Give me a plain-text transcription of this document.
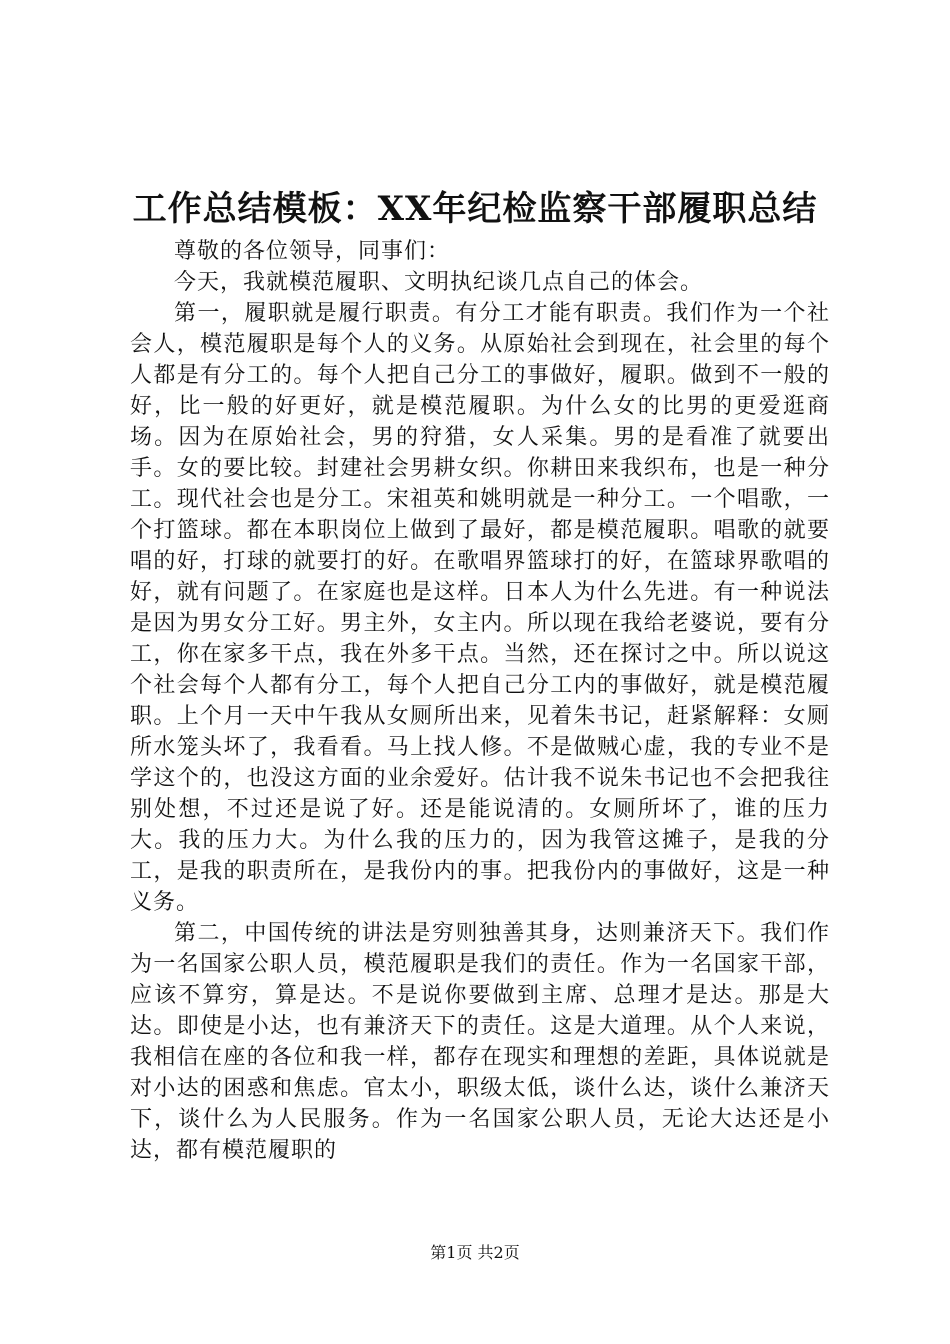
工作总结模板：XX年纪检监察干部履职总结

尊敬的各位领导，同事们：

今天，我就模范履职、文明执纪谈几点自己的体会。

第一，履职就是履行职责。有分工才能有职责。我们作为一个社会人，模范履职是每个人的义务。从原始社会到现在，社会里的每个人都是有分工的。每个人把自己分工的事做好，履职。做到不一般的好，比一般的好更好，就是模范履职。为什么女的比男的更爱逛商场。因为在原始社会，男的狩猎，女人采集。男的是看准了就要出手。女的要比较。封建社会男耕女织。你耕田来我织布，也是一种分工。现代社会也是分工。宋祖英和姚明就是一种分工。一个唱歌，一个打篮球。都在本职岗位上做到了最好，都是模范履职。唱歌的就要唱的好，打球的就要打的好。在歌唱界篮球打的好，在篮球界歌唱的好，就有问题了。在家庭也是这样。日本人为什么先进。有一种说法是因为男女分工好。男主外，女主内。所以现在我给老婆说，要有分工，你在家多干点，我在外多干点。当然，还在探讨之中。所以说这个社会每个人都有分工，每个人把自己分工内的事做好，就是模范履职。上个月一天中午我从女厕所出来，见着朱书记，赶紧解释：女厕所水笼头坏了，我看看。马上找人修。不是做贼心虚，我的专业不是学这个的，也没这方面的业余爱好。估计我不说朱书记也不会把我往别处想，不过还是说了好。还是能说清的。女厕所坏了，谁的压力大。我的压力大。为什么我的压力的，因为我管这摊子，是我的分工，是我的职责所在，是我份内的事。把我份内的事做好，这是一种义务。

第二，中国传统的讲法是穷则独善其身，达则兼济天下。我们作为一名国家公职人员，模范履职是我们的责任。作为一名国家干部，应该不算穷，算是达。不是说你要做到主席、总理才是达。那是大达。即使是小达，也有兼济天下的责任。这是大道理。从个人来说，我相信在座的各位和我一样，都存在现实和理想的差距，具体说就是对小达的困惑和焦虑。官太小，职级太低，谈什么达，谈什么兼济天下，谈什么为人民服务。作为一名国家公职人员，无论大达还是小达，都有模范履职的

第1页 共2页
